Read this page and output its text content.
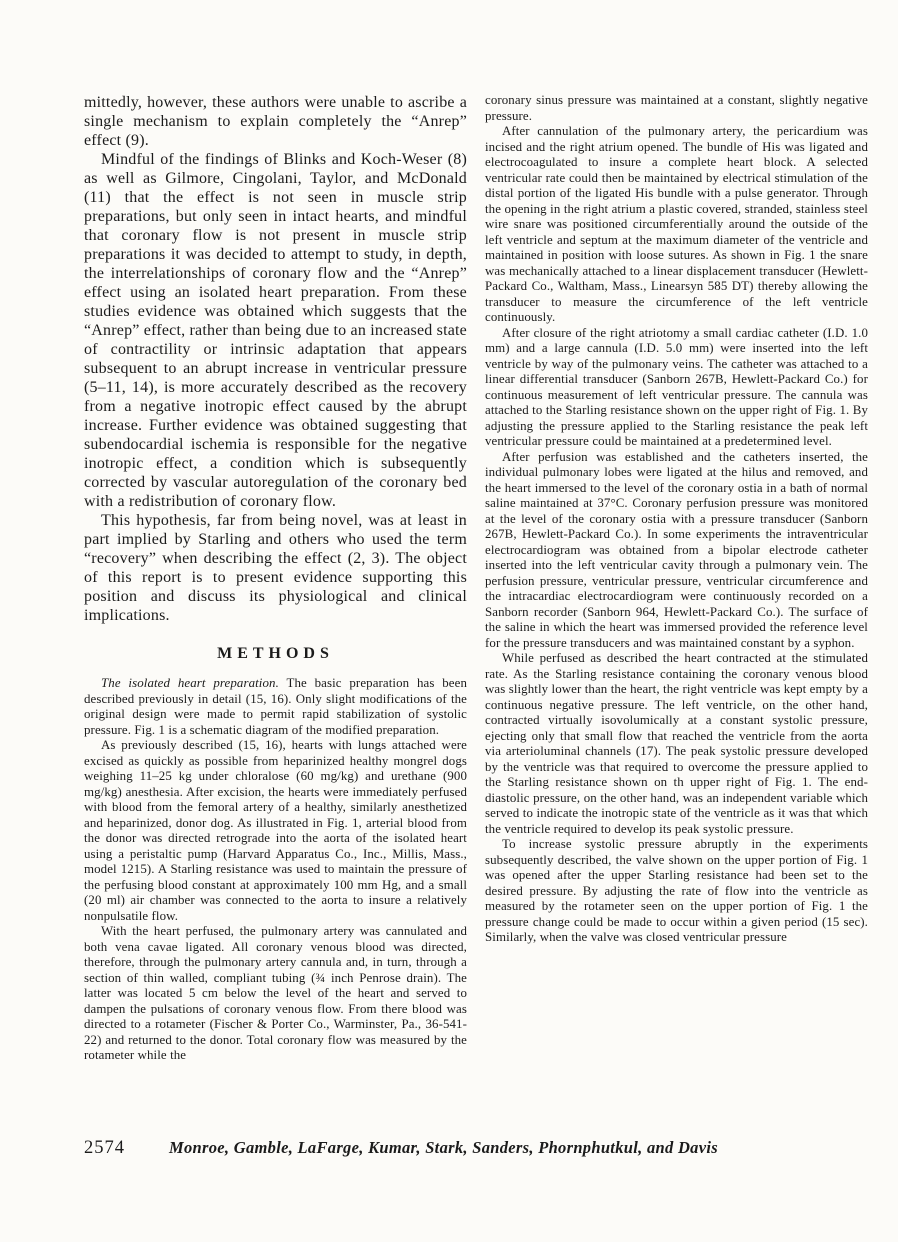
mittedly, however, these authors were unable to ascribe a single mechanism to explain completely the “Anrep” effect (9).

Mindful of the findings of Blinks and Koch-Weser (8) as well as Gilmore, Cingolani, Taylor, and McDonald (11) that the effect is not seen in muscle strip preparations, but only seen in intact hearts, and mindful that coronary flow is not present in muscle strip preparations it was decided to attempt to study, in depth, the interrelationships of coronary flow and the “Anrep” effect using an isolated heart preparation. From these studies evidence was obtained which suggests that the “Anrep” effect, rather than being due to an increased state of contractility or intrinsic adaptation that appears subsequent to an abrupt increase in ventricular pressure (5–11, 14), is more accurately described as the recovery from a negative inotropic effect caused by the abrupt increase. Further evidence was obtained suggesting that subendocardial ischemia is responsible for the negative inotropic effect, a condition which is subsequently corrected by vascular autoregulation of the coronary bed with a redistribution of coronary flow.

This hypothesis, far from being novel, was at least in part implied by Starling and others who used the term “recovery” when describing the effect (2, 3). The object of this report is to present evidence supporting this position and discuss its physiological and clinical implications.

METHODS

The isolated heart preparation. The basic preparation has been described previously in detail (15, 16). Only slight modifications of the original design were made to permit rapid stabilization of systolic pressure. Fig. 1 is a schematic diagram of the modified preparation.

As previously described (15, 16), hearts with lungs attached were excised as quickly as possible from heparinized healthy mongrel dogs weighing 11–25 kg under chloralose (60 mg/kg) and urethane (900 mg/kg) anesthesia. After excision, the hearts were immediately perfused with blood from the femoral artery of a healthy, similarly anesthetized and heparinized, donor dog. As illustrated in Fig. 1, arterial blood from the donor was directed retrograde into the aorta of the isolated heart using a peristaltic pump (Harvard Apparatus Co., Inc., Millis, Mass., model 1215). A Starling resistance was used to maintain the pressure of the perfusing blood constant at approximately 100 mm Hg, and a small (20 ml) air chamber was connected to the aorta to insure a relatively nonpulsatile flow.

With the heart perfused, the pulmonary artery was cannulated and both vena cavae ligated. All coronary venous blood was directed, therefore, through the pulmonary artery cannula and, in turn, through a section of thin walled, compliant tubing (¾ inch Penrose drain). The latter was located 5 cm below the level of the heart and served to dampen the pulsations of coronary venous flow. From there blood was directed to a rotameter (Fischer & Porter Co., Warminster, Pa., 36-541-22) and returned to the donor. Total coronary flow was measured by the rotameter while the

coronary sinus pressure was maintained at a constant, slightly negative pressure.

After cannulation of the pulmonary artery, the pericardium was incised and the right atrium opened. The bundle of His was ligated and electrocoagulated to insure a complete heart block. A selected ventricular rate could then be maintained by electrical stimulation of the distal portion of the ligated His bundle with a pulse generator. Through the opening in the right atrium a plastic covered, stranded, stainless steel wire snare was positioned circumferentially around the outside of the left ventricle and septum at the maximum diameter of the ventricle and maintained in position with loose sutures. As shown in Fig. 1 the snare was mechanically attached to a linear displacement transducer (Hewlett-Packard Co., Waltham, Mass., Linearsyn 585 DT) thereby allowing the transducer to measure the circumference of the left ventricle continuously.

After closure of the right atriotomy a small cardiac catheter (I.D. 1.0 mm) and a large cannula (I.D. 5.0 mm) were inserted into the left ventricle by way of the pulmonary veins. The catheter was attached to a linear differential transducer (Sanborn 267B, Hewlett-Packard Co.) for continuous measurement of left ventricular pressure. The cannula was attached to the Starling resistance shown on the upper right of Fig. 1. By adjusting the pressure applied to the Starling resistance the peak left ventricular pressure could be maintained at a predetermined level.

After perfusion was established and the catheters inserted, the individual pulmonary lobes were ligated at the hilus and removed, and the heart immersed to the level of the coronary ostia in a bath of normal saline maintained at 37°C. Coronary perfusion pressure was monitored at the level of the coronary ostia with a pressure transducer (Sanborn 267B, Hewlett-Packard Co.). In some experiments the intraventricular electrocardiogram was obtained from a bipolar electrode catheter inserted into the left ventricular cavity through a pulmonary vein. The perfusion pressure, ventricular pressure, ventricular circumference and the intracardiac electrocardiogram were continuously recorded on a Sanborn recorder (Sanborn 964, Hewlett-Packard Co.). The surface of the saline in which the heart was immersed provided the reference level for the pressure transducers and was maintained constant by a syphon.

While perfused as described the heart contracted at the stimulated rate. As the Starling resistance containing the coronary venous blood was slightly lower than the heart, the right ventricle was kept empty by a continuous negative pressure. The left ventricle, on the other hand, contracted virtually isovolumically at a constant systolic pressure, ejecting only that small flow that reached the ventricle from the aorta via arterioluminal channels (17). The peak systolic pressure developed by the ventricle was that required to overcome the pressure applied to the Starling resistance shown on th upper right of Fig. 1. The end-diastolic pressure, on the other hand, was an independent variable which served to indicate the inotropic state of the ventricle as it was that which the ventricle required to develop its peak systolic pressure.

To increase systolic pressure abruptly in the experiments subsequently described, the valve shown on the upper portion of Fig. 1 was opened after the upper Starling resistance had been set to the desired pressure. By adjusting the rate of flow into the ventricle as measured by the rotameter seen on the upper portion of Fig. 1 the pressure change could be made to occur within a given period (15 sec). Similarly, when the valve was closed ventricular pressure

2574	Monroe, Gamble, LaFarge, Kumar, Stark, Sanders, Phornphutkul, and Davis
